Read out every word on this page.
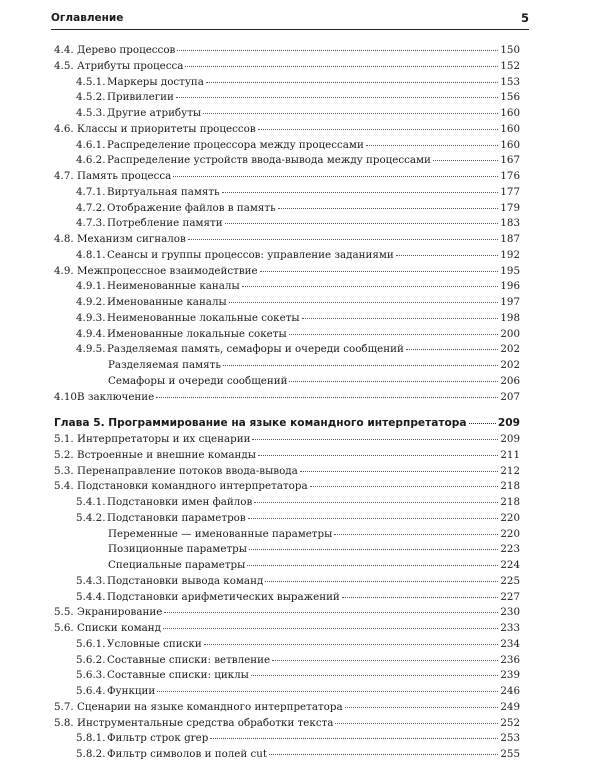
Оглавление	5
4.4. Дерево процессов	150
4.5. Атрибуты процесса	152
4.5.1. Маркеры доступа	153
4.5.2. Привилегии	156
4.5.3. Другие атрибуты	160
4.6. Классы и приоритеты процессов	160
4.6.1. Распределение процессора между процессами	160
4.6.2. Распределение устройств ввода-вывода между процессами	167
4.7. Память процесса	176
4.7.1. Виртуальная память	177
4.7.2. Отображение файлов в память	179
4.7.3. Потребление памяти	183
4.8. Механизм сигналов	187
4.8.1. Сеансы и группы процессов: управление заданиями	192
4.9. Межпроцессное взаимодействие	195
4.9.1. Неименованные каналы	196
4.9.2. Именованные каналы	197
4.9.3. Неименованные локальные сокеты	198
4.9.4. Именованные локальные сокеты	200
4.9.5. Разделяемая память, семафоры и очереди сообщений	202
Разделяемая память	202
Семафоры и очереди сообщений	206
4.10.В заключение	207
Глава 5. Программирование на языке командного интерпретатора	209
5.1. Интерпретаторы и их сценарии	209
5.2. Встроенные и внешние команды	211
5.3. Перенаправление потоков ввода-вывода	212
5.4. Подстановки командного интерпретатора	218
5.4.1. Подстановки имен файлов	218
5.4.2. Подстановки параметров	220
Переменные — именованные параметры	220
Позиционные параметры	223
Специальные параметры	224
5.4.3. Подстановки вывода команд	225
5.4.4. Подстановки арифметических выражений	227
5.5. Экранирование	230
5.6. Списки команд	233
5.6.1. Условные списки	234
5.6.2. Составные списки: ветвление	236
5.6.3. Составные списки: циклы	239
5.6.4. Функции	246
5.7. Сценарии на языке командного интерпретатора	249
5.8. Инструментальные средства обработки текста	252
5.8.1. Фильтр строк grep	253
5.8.2. Фильтр символов и полей cut	255
